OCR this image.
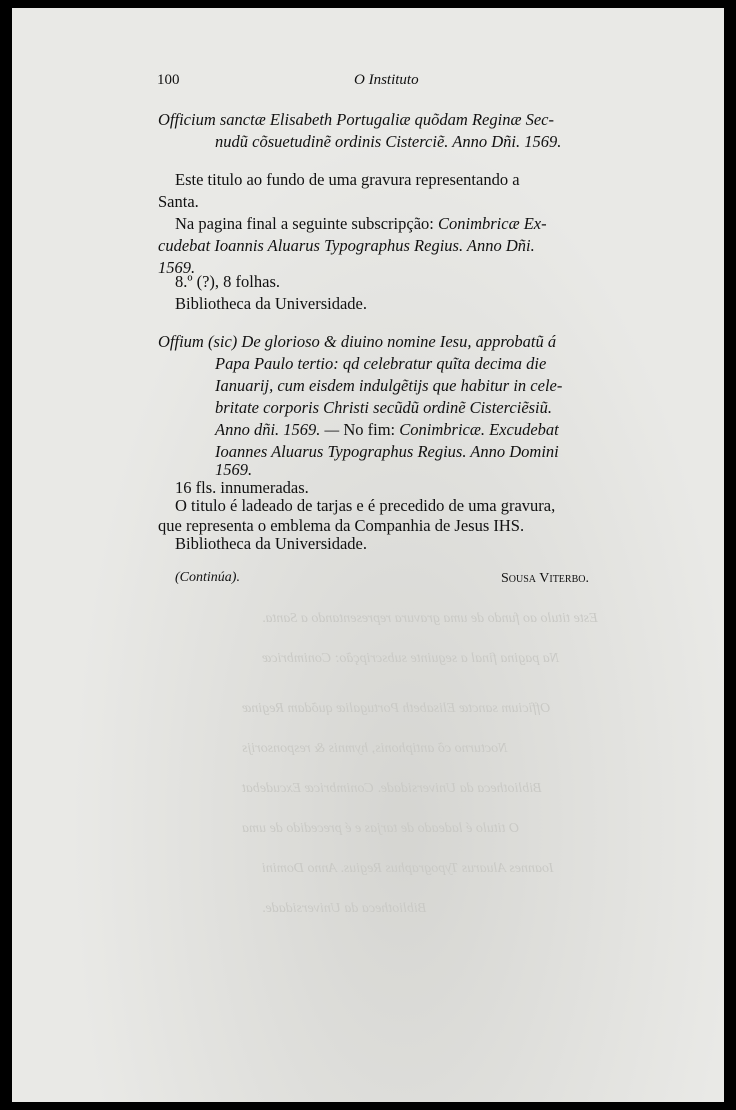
Este titulo ao fundo de uma gravura representando a Santa.
Na pagina final a seguinte subscripção: Conimbricæ
Officium sanctæ Elisabeth Portugaliæ quõdam Reginæ
Nocturno cõ antiphonis, hymnis & responsorijs
Bibliotheca da Universidade. Conimbricæ Excudebat
O titulo é ladeado de tarjas e é precedido de uma
Ioannes Aluarus Typographus Regius. Anno Domini
Bibliotheca da Universidade.
100	O Instituto
Officium sanctæ Elisabeth Portugaliæ quõdam Reginæ Sec-
nudũ cõsuetudinẽ ordinis Cisterciẽ. Anno Dñi. 1569.
Este titulo ao fundo de uma gravura representando a
Santa.
Na pagina final a seguinte subscripção: Conimbricæ Ex-
cudebat Ioannis Aluarus Typographus Regius. Anno Dñi.
1569.
8.º (?), 8 folhas.
Bibliotheca da Universidade.
Offium (sic) De glorioso & diuino nomine Iesu, approbatũ á
Papa Paulo tertio: qd celebratur quĩta decima die
Ianuarij, cum eisdem indulgẽtijs que habitur in cele-
britate corporis Christi secũdũ ordinẽ Cisterciẽsiũ.
Anno dñi. 1569. — No fim: Conimbricæ. Excudebat
Ioannes Aluarus Typographus Regius. Anno Domini
1569.
16 fls. innumeradas.
O titulo é ladeado de tarjas e é precedido de uma gravura,
que representa o emblema da Companhia de Jesus IHS.
Bibliotheca da Universidade.
(Continúa).	Sousa Viterbo.
